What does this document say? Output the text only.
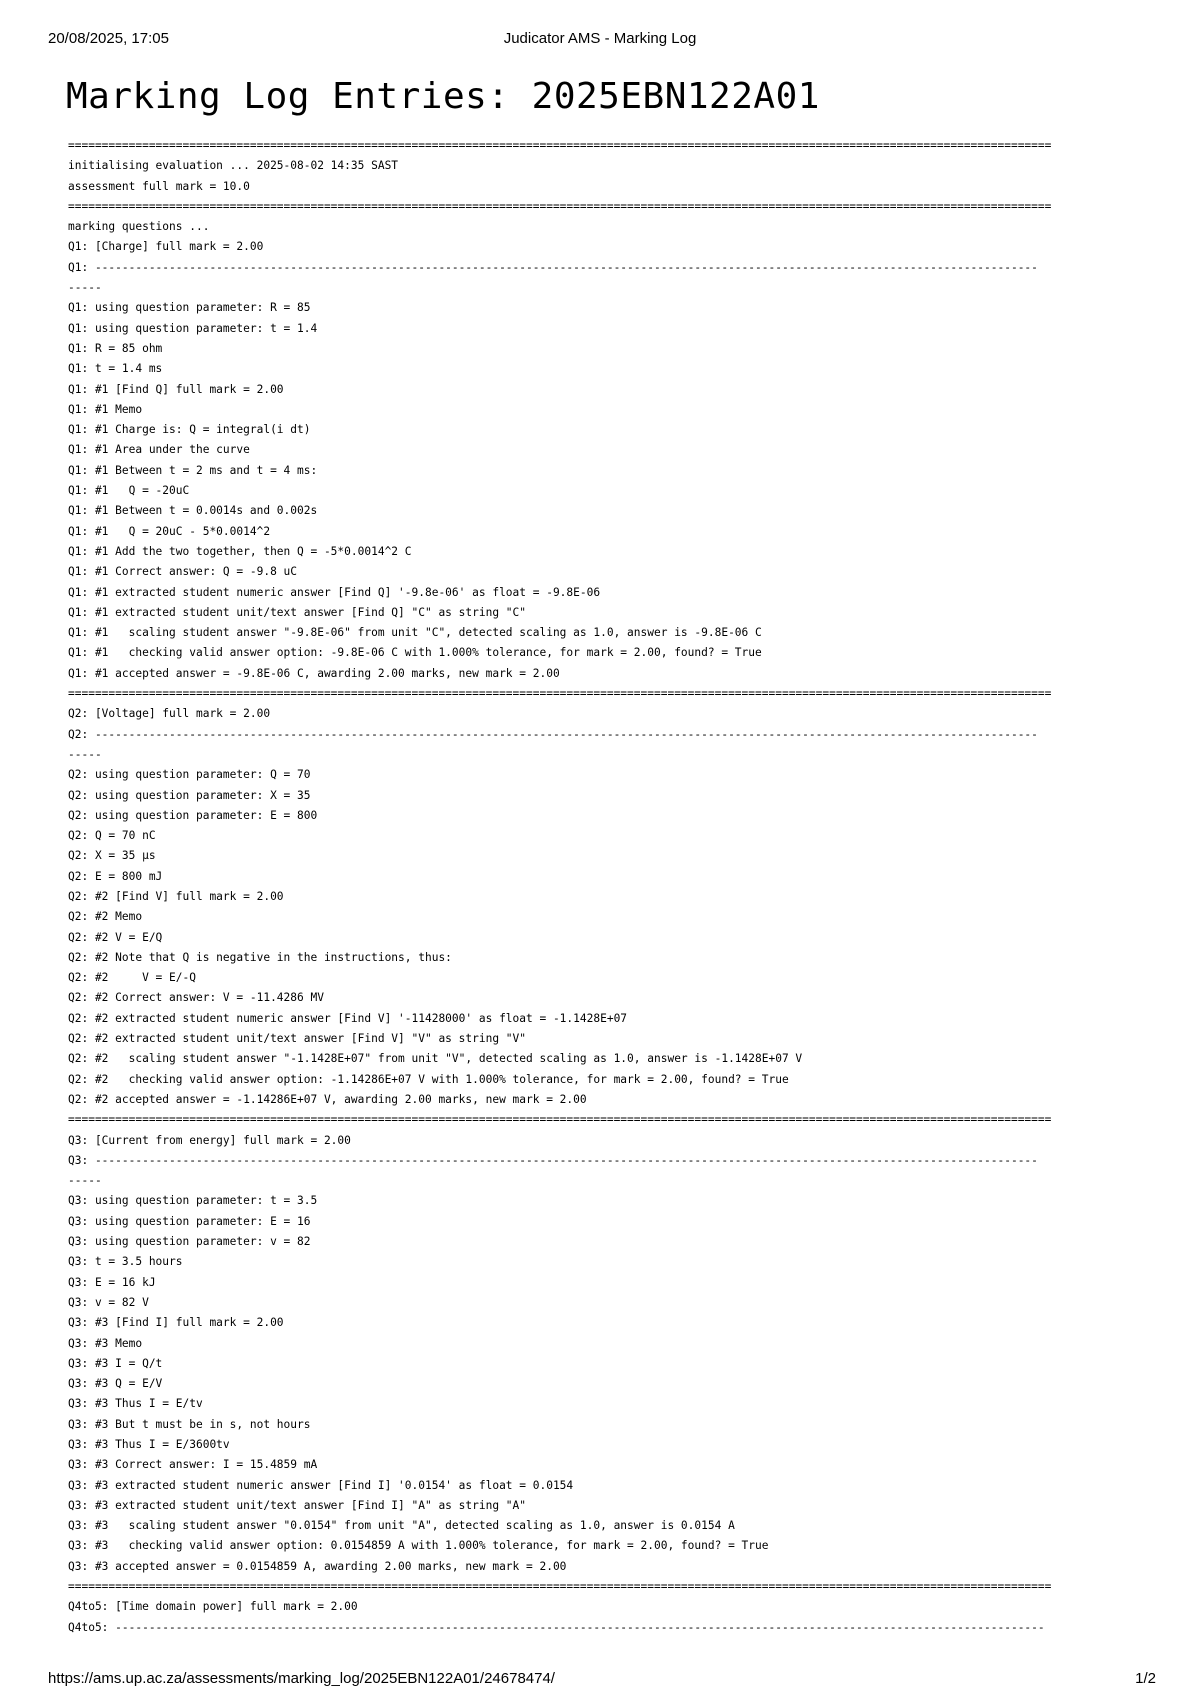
20/08/2025, 17:05	Judicator AMS - Marking Log
Marking Log Entries: 2025EBN122A01
==================================================================================================================================================
initialising evaluation ... 2025-08-02 14:35 SAST
assessment full mark = 10.0
==================================================================================================================================================
marking questions ...
Q1: [Charge] full mark = 2.00
Q1: --------------------------------------------------------------------------------------------------------------------------------------------
-----
Q1: using question parameter: R = 85
Q1: using question parameter: t = 1.4
Q1: R = 85 ohm
Q1: t = 1.4 ms
Q1: #1 [Find Q] full mark = 2.00
Q1: #1 Memo
Q1: #1 Charge is: Q = integral(i dt)
Q1: #1 Area under the curve
Q1: #1 Between t = 2 ms and t = 4 ms:
Q1: #1   Q = -20uC
Q1: #1 Between t = 0.0014s and 0.002s
Q1: #1   Q = 20uC - 5*0.0014^2
Q1: #1 Add the two together, then Q = -5*0.0014^2 C
Q1: #1 Correct answer: Q = -9.8 uC
Q1: #1 extracted student numeric answer [Find Q] '-9.8e-06' as float = -9.8E-06
Q1: #1 extracted student unit/text answer [Find Q] "C" as string "C"
Q1: #1   scaling student answer "-9.8E-06" from unit "C", detected scaling as 1.0, answer is -9.8E-06 C
Q1: #1   checking valid answer option: -9.8E-06 C with 1.000% tolerance, for mark = 2.00, found? = True
Q1: #1 accepted answer = -9.8E-06 C, awarding 2.00 marks, new mark = 2.00
==================================================================================================================================================
Q2: [Voltage] full mark = 2.00
Q2: --------------------------------------------------------------------------------------------------------------------------------------------
-----
Q2: using question parameter: Q = 70
Q2: using question parameter: X = 35
Q2: using question parameter: E = 800
Q2: Q = 70 nC
Q2: X = 35 μs
Q2: E = 800 mJ
Q2: #2 [Find V] full mark = 2.00
Q2: #2 Memo
Q2: #2 V = E/Q
Q2: #2 Note that Q is negative in the instructions, thus:
Q2: #2     V = E/-Q
Q2: #2 Correct answer: V = -11.4286 MV
Q2: #2 extracted student numeric answer [Find V] '-11428000' as float = -1.1428E+07
Q2: #2 extracted student unit/text answer [Find V] "V" as string "V"
Q2: #2   scaling student answer "-1.1428E+07" from unit "V", detected scaling as 1.0, answer is -1.1428E+07 V
Q2: #2   checking valid answer option: -1.14286E+07 V with 1.000% tolerance, for mark = 2.00, found? = True
Q2: #2 accepted answer = -1.14286E+07 V, awarding 2.00 marks, new mark = 2.00
==================================================================================================================================================
Q3: [Current from energy] full mark = 2.00
Q3: --------------------------------------------------------------------------------------------------------------------------------------------
-----
Q3: using question parameter: t = 3.5
Q3: using question parameter: E = 16
Q3: using question parameter: v = 82
Q3: t = 3.5 hours
Q3: E = 16 kJ
Q3: v = 82 V
Q3: #3 [Find I] full mark = 2.00
Q3: #3 Memo
Q3: #3 I = Q/t
Q3: #3 Q = E/V
Q3: #3 Thus I = E/tv
Q3: #3 But t must be in s, not hours
Q3: #3 Thus I = E/3600tv
Q3: #3 Correct answer: I = 15.4859 mA
Q3: #3 extracted student numeric answer [Find I] '0.0154' as float = 0.0154
Q3: #3 extracted student unit/text answer [Find I] "A" as string "A"
Q3: #3   scaling student answer "0.0154" from unit "A", detected scaling as 1.0, answer is 0.0154 A
Q3: #3   checking valid answer option: 0.0154859 A with 1.000% tolerance, for mark = 2.00, found? = True
Q3: #3 accepted answer = 0.0154859 A, awarding 2.00 marks, new mark = 2.00
==================================================================================================================================================
Q4to5: [Time domain power] full mark = 2.00
Q4to5: ------------------------------------------------------------------------------------------------------------------------------------------
https://ams.up.ac.za/assessments/marking_log/2025EBN122A01/24678474/	1/2
